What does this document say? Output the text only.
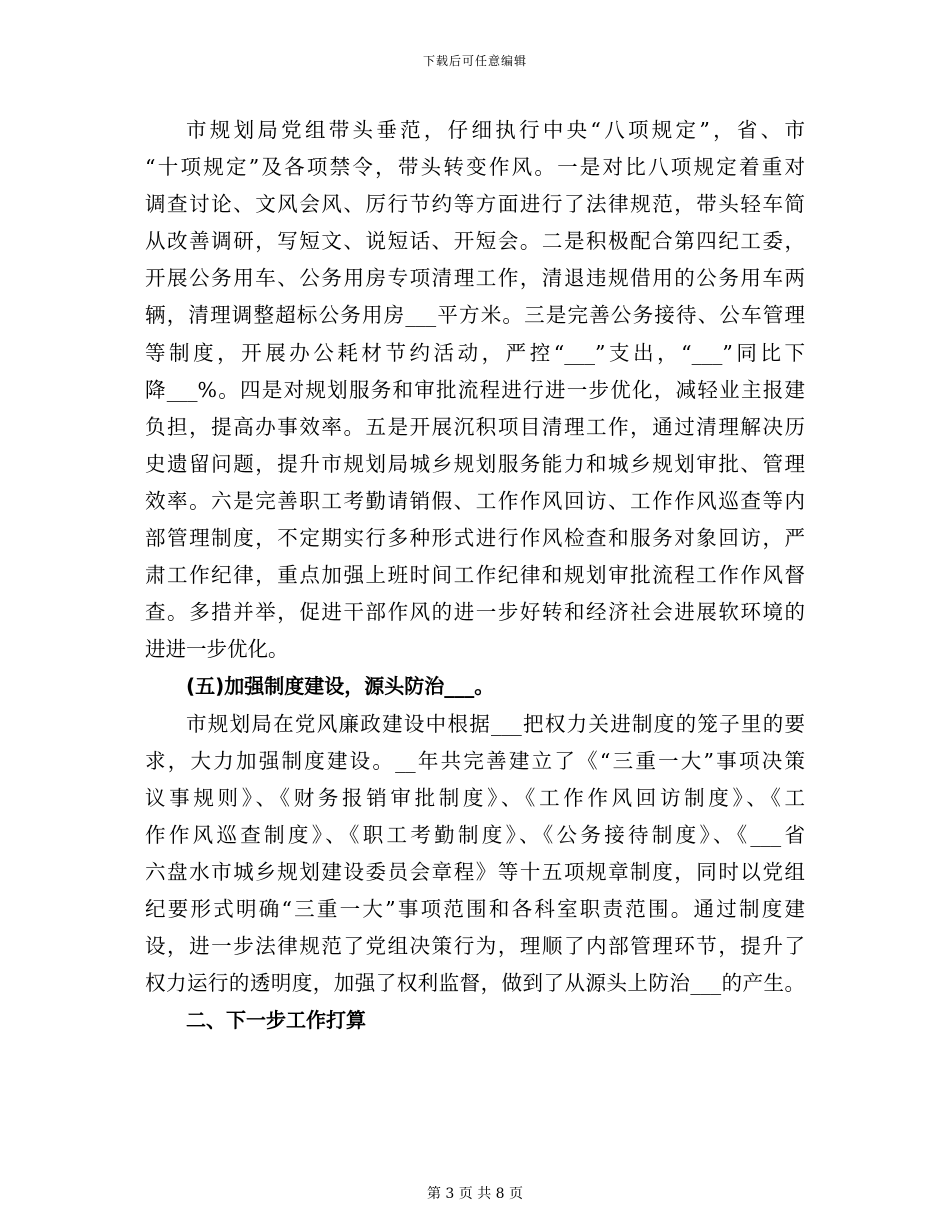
下载后可任意编辑
市规划局党组带头垂范，仔细执行中央“八项规定”，省、市
“十项规定”及各项禁令，带头转变作风。一是对比八项规定着重对
调查讨论、文风会风、厉行节约等方面进行了法律规范，带头轻车简
从改善调研，写短文、说短话、开短会。二是积极配合第四纪工委，
开展公务用车、公务用房专项清理工作，清退违规借用的公务用车两
辆，清理调整超标公务用房___平方米。三是完善公务接待、公车管理
等制度，开展办公耗材节约活动，严控“___”支出，“___”同比下
降___%。四是对规划服务和审批流程进行进一步优化，减轻业主报建
负担，提高办事效率。五是开展沉积项目清理工作，通过清理解决历
史遗留问题，提升市规划局城乡规划服务能力和城乡规划审批、管理
效率。六是完善职工考勤请销假、工作作风回访、工作作风巡查等内
部管理制度，不定期实行多种形式进行作风检查和服务对象回访，严
肃工作纪律，重点加强上班时间工作纪律和规划审批流程工作作风督
查。多措并举，促进干部作风的进一步好转和经济社会进展软环境的
进进一步优化。
(五)加强制度建设，源头防治___。
市规划局在党风廉政建设中根据___把权力关进制度的笼子里的要
求，大力加强制度建设。__年共完善建立了《“三重一大”事项决策
议事规则》、《财务报销审批制度》、《工作作风回访制度》、《工
作作风巡查制度》、《职工考勤制度》、《公务接待制度》、《___省
六盘水市城乡规划建设委员会章程》等十五项规章制度，同时以党组
纪要形式明确“三重一大”事项范围和各科室职责范围。通过制度建
设，进一步法律规范了党组决策行为，理顺了内部管理环节，提升了
权力运行的透明度，加强了权利监督，做到了从源头上防治___的产生。
二、下一步工作打算
第 3 页 共 8 页
